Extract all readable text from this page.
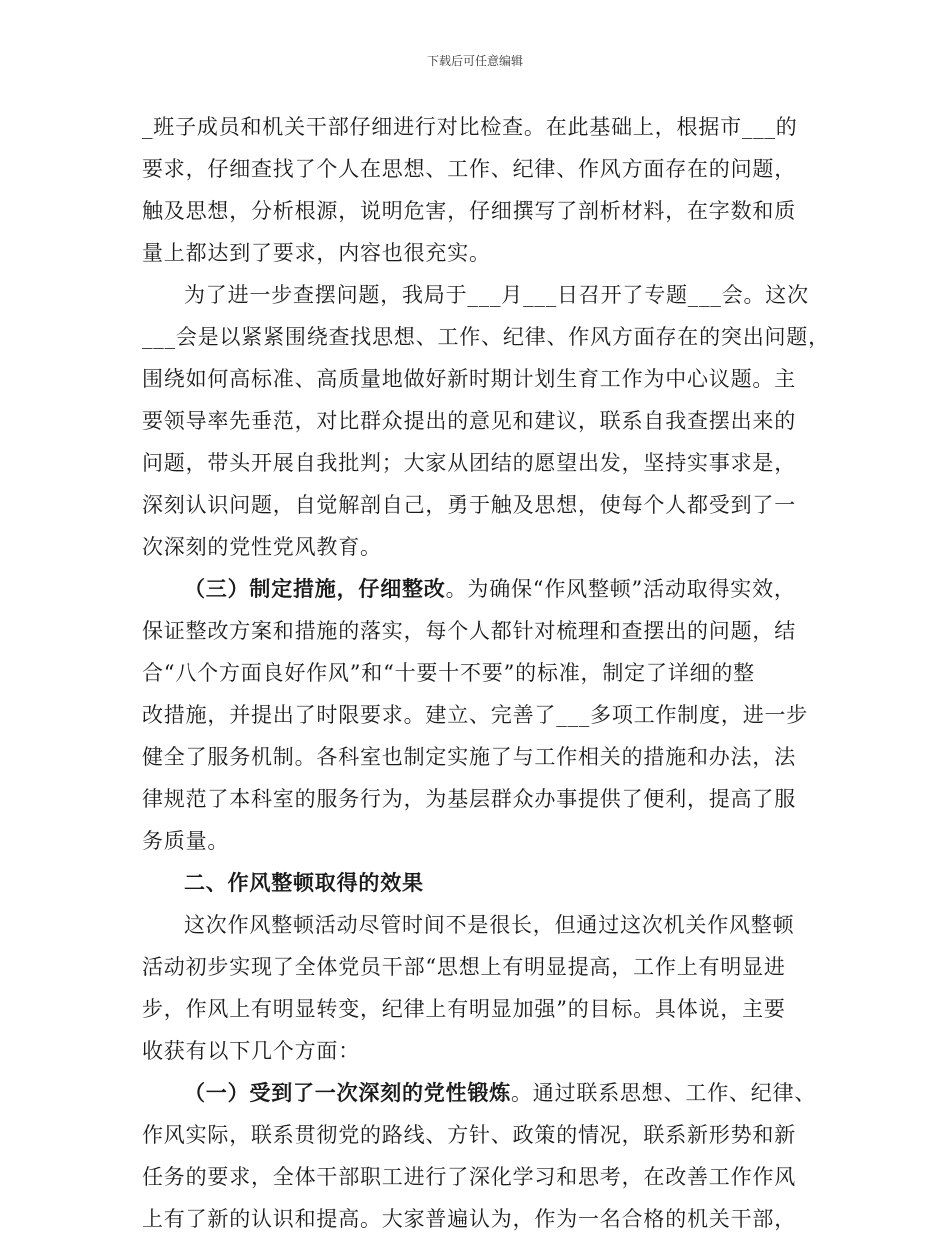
下载后可任意编辑
_班子成员和机关干部仔细进行对比检查。在此基础上，根据市___的
要求，仔细查找了个人在思想、工作、纪律、作风方面存在的问题，
触及思想，分析根源，说明危害，仔细撰写了剖析材料，在字数和质
量上都达到了要求，内容也很充实。
为了进一步查摆问题，我局于___月___日召开了专题___会。这次
___会是以紧紧围绕查找思想、工作、纪律、作风方面存在的突出问题，
围绕如何高标准、高质量地做好新时期计划生育工作为中心议题。主
要领导率先垂范，对比群众提出的意见和建议，联系自我查摆出来的
问题，带头开展自我批判；大家从团结的愿望出发，坚持实事求是，
深刻认识问题，自觉解剖自己，勇于触及思想，使每个人都受到了一
次深刻的党性党风教育。
（三）制定措施，仔细整改。为确保“作风整顿”活动取得实效，
保证整改方案和措施的落实，每个人都针对梳理和查摆出的问题，结
合“八个方面良好作风”和“十要十不要”的标准，制定了详细的整
改措施，并提出了时限要求。建立、完善了___多项工作制度，进一步
健全了服务机制。各科室也制定实施了与工作相关的措施和办法，法
律规范了本科室的服务行为，为基层群众办事提供了便利，提高了服
务质量。
二、作风整顿取得的效果
这次作风整顿活动尽管时间不是很长，但通过这次机关作风整顿
活动初步实现了全体党员干部“思想上有明显提高，工作上有明显进
步，作风上有明显转变，纪律上有明显加强”的目标。具体说，主要
收获有以下几个方面：
（一）受到了一次深刻的党性锻炼。通过联系思想、工作、纪律、
作风实际，联系贯彻党的路线、方针、政策的情况，联系新形势和新
任务的要求，全体干部职工进行了深化学习和思考，在改善工作作风
上有了新的认识和提高。大家普遍认为，作为一名合格的机关干部，
